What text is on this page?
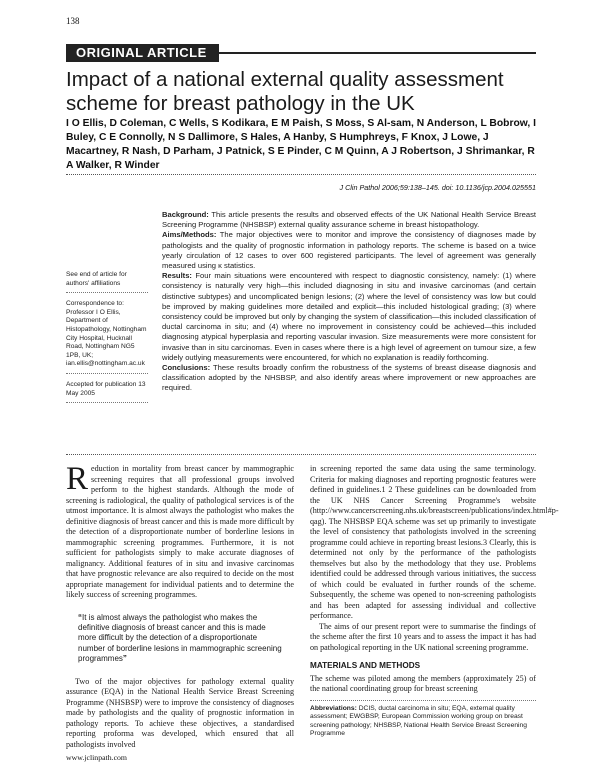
138
ORIGINAL ARTICLE
Impact of a national external quality assessment scheme for breast pathology in the UK
I O Ellis, D Coleman, C Wells, S Kodikara, E M Paish, S Moss, S Al-sam, N Anderson, L Bobrow, I Buley, C E Connolly, N S Dallimore, S Hales, A Hanby, S Humphreys, F Knox, J Lowe, J Macartney, R Nash, D Parham, J Patnick, S E Pinder, C M Quinn, A J Robertson, J Shrimankar, R A Walker, R Winder
J Clin Pathol 2006;59:138–145. doi: 10.1136/jcp.2004.025551

See end of article for authors' affiliations

Correspondence to: Professor I O Ellis, Department of Histopathology, Nottingham City Hospital, Hucknall Road, Nottingham NG5 1PB, UK; ian.ellis@nottingham.ac.uk

Accepted for publication 13 May 2005

Background: This article presents the results and observed effects of the UK National Health Service Breast Screening Programme (NHSBSP) external quality assurance scheme in breast histopathology.

Aims/Methods: The major objectives were to monitor and improve the consistency of diagnoses made by pathologists and the quality of prognostic information in pathology reports. The scheme is based on a twice yearly circulation of 12 cases to over 600 registered participants. The level of agreement was generally measured using κ statistics.

Results: Four main situations were encountered with respect to diagnostic consistency, namely: (1) where consistency is naturally very high—this included diagnosing in situ and invasive carcinomas (and certain distinctive subtypes) and uncomplicated benign lesions; (2) where the level of consistency was low but could be improved by making guidelines more detailed and explicit—this included histological grading; (3) where consistency could be improved but only by changing the system of classification—this included classification of ductal carcinoma in situ; and (4) where no improvement in consistency could be achieved—this included diagnosing atypical hyperplasia and reporting vascular invasion. Size measurements were more consistent for invasive than in situ carcinomas. Even in cases where there is a high level of agreement on tumour size, a few widely outlying measurements were encountered, for which no explanation is readily forthcoming.

Conclusions: These results broadly confirm the robustness of the systems of breast disease diagnosis and classification adopted by the NHSBSP, and also identify areas where improvement or new approaches are required.

Reduction in mortality from breast cancer by mammographic screening requires that all professional groups involved perform to the highest standards. Although the mode of screening is radiological, the quality of pathological services is of the utmost importance. It is almost always the pathologist who makes the definitive diagnosis of breast cancer and this is made more difficult by the detection of a disproportionate number of borderline lesions in mammographic screening programmes. Furthermore, it is not sufficient for pathologists simply to make accurate diagnoses of malignancy. Additional features of in situ and invasive carcinomas that have prognostic relevance are also required to decide on the most appropriate management for individual patients and to determine the likely success of screening programmes.

“It is almost always the pathologist who makes the definitive diagnosis of breast cancer and this is made more difficult by the detection of a disproportionate number of borderline lesions in mammographic screening programmes”

Two of the major objectives for pathology external quality assurance (EQA) in the National Health Service Breast Screening Programme (NHSBSP) were to improve the consistency of diagnoses made by pathologists and the quality of prognostic information in pathology reports. To achieve these objectives, a standardised reporting proforma was developed, which ensured that all pathologists involved

in screening reported the same data using the same terminology. Criteria for making diagnoses and reporting prognostic features were defined in guidelines.1 2 These guidelines can be downloaded from the UK NHS Cancer Screening Programme's website (http://www.cancerscreening.nhs.uk/breastscreen/publications/index.html#p-qag). The NHSBSP EQA scheme was set up primarily to investigate the level of consistency that pathologists involved in the screening programme could achieve in reporting breast lesions.3 Clearly, this is determined not only by the performance of the pathologists themselves but also by the methodology that they use. Problems identified could be addressed through various initiatives, the success of which could be evaluated in further rounds of the scheme. Subsequently, the scheme was opened to non-screening pathologists and has been adapted for assessing individual and collective performance.

The aims of our present report were to summarise the findings of the scheme after the first 10 years and to assess the impact it has had on pathological reporting in the UK national screening programme.

MATERIALS AND METHODS

The scheme was piloted among the members (approximately 25) of the national coordinating group for breast screening

Abbreviations: DCIS, ductal carcinoma in situ; EQA, external quality assessment; EWGBSP, European Commission working group on breast screening pathology; NHSBSP, National Health Service Breast Screening Programme
www.jclinpath.com
